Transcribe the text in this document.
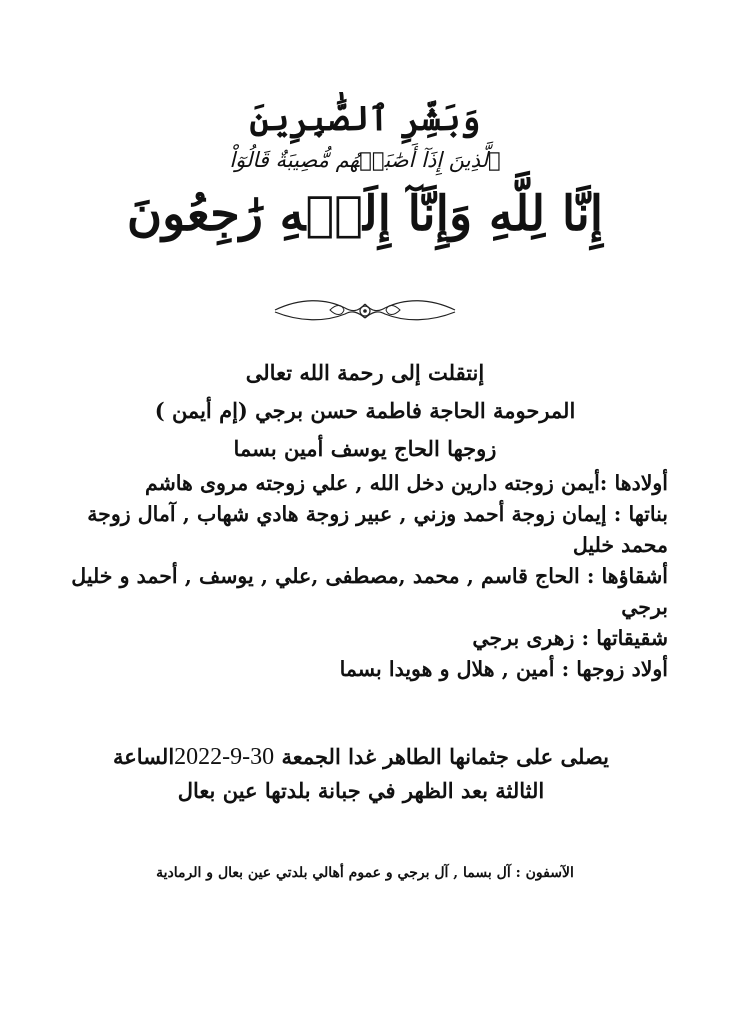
وَبَشِّرِ ٱلصَّٰبِرِينَ
ٱلَّذِينَ إِذَآ أَصَٰبَتۡهُم مُّصِيبَةٌ قَالُوٓاْ
إِنَّا لِلَّهِ وَإِنَّآ إِلَيۡهِ رَٰجِعُونَ
إنتقلت إلى رحمة الله تعالى
المرحومة الحاجة فاطمة حسن برجي (إم أيمن )
زوجها الحاج يوسف أمين بسما

أولادها :أيمن زوجته دارين دخل الله , علي زوجته مروى هاشم

بناتها : إيمان زوجة أحمد وزني , عبير زوجة هادي شهاب , آمال زوجة محمد خليل

أشقاؤها : الحاج قاسم , محمد ,مصطفى ,علي , يوسف , أحمد و خليل برجي

شقيقاتها : زهرى برجي

أولاد زوجها : أمين , هلال و هويدا بسما

يصلى على جثمانها الطاهر غدا الجمعة 2022-9-30الساعة
الثالثة بعد الظهر في جبانة بلدتها عين بعال
الآسفون : آل بسما , آل برجي و عموم أهالي بلدتي عين بعال و الرمادية
